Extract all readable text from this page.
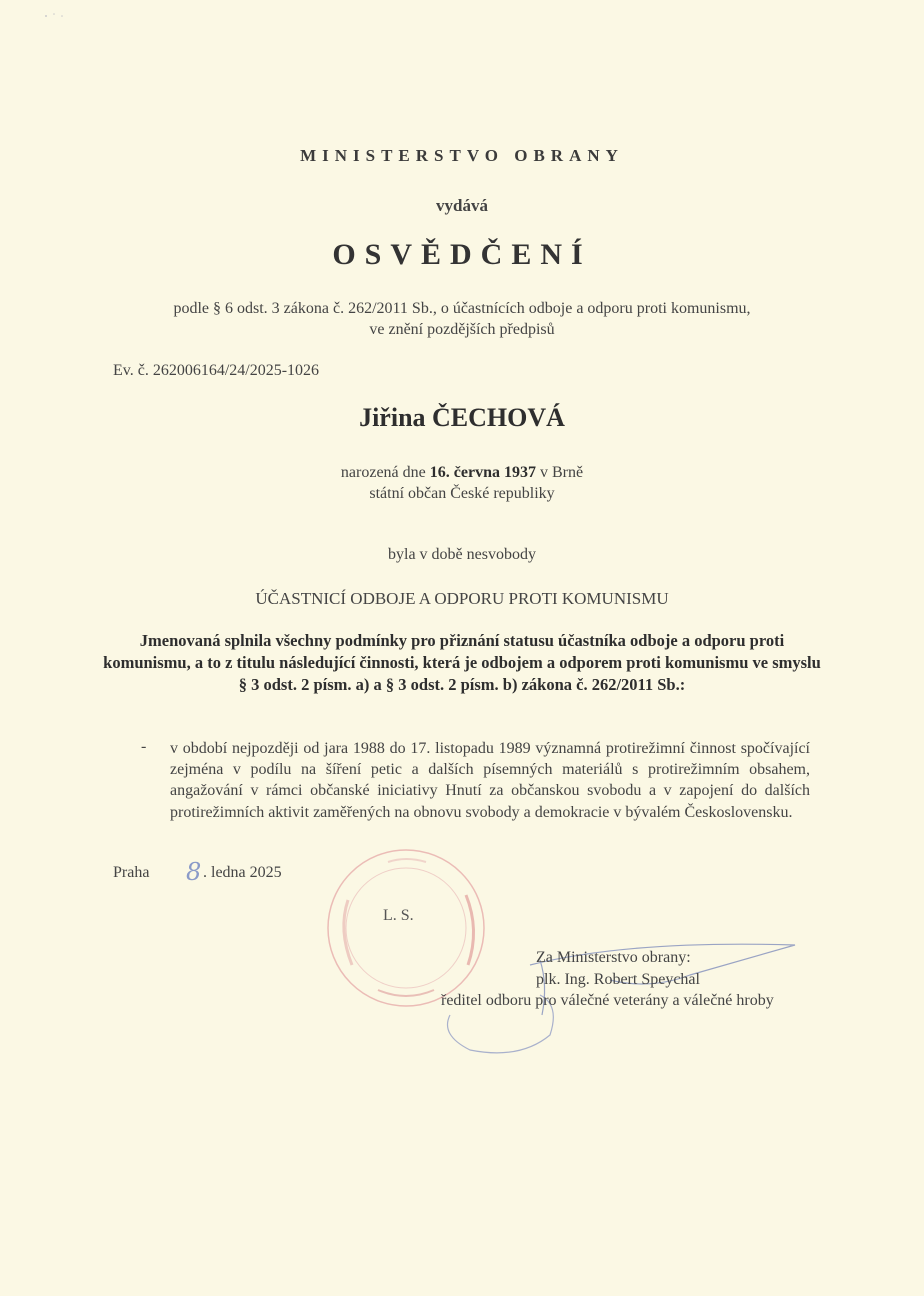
MINISTERSTVO OBRANY
vydává
OSVĚDČENÍ
podle § 6 odst. 3 zákona č. 262/2011 Sb., o účastnících odboje a odporu proti komunismu,
ve znění pozdějších předpisů
Ev. č. 262006164/24/2025-1026
Jiřina ČECHOVÁ
narozená dne 16. června 1937 v Brně
státní občan České republiky
byla v době nesvobody
ÚČASTNICÍ ODBOJE A ODPORU PROTI KOMUNISMU
Jmenovaná splnila všechny podmínky pro přiznání statusu účastníka odboje a odporu proti komunismu, a to z titulu následující činnosti, která je odbojem a odporem proti komunismu ve smyslu § 3 odst. 2 písm. a) a § 3 odst. 2 písm. b) zákona č. 262/2011 Sb.:
- v období nejpozději od jara 1988 do 17. listopadu 1989 významná protirežimní činnost spočívající zejména v podílu na šíření petic a dalších písemných materiálů s protirežimním obsahem, angažování v rámci občanské iniciativy Hnutí za občanskou svobodu a v zapojení do dalších protirežimních aktivit zaměřených na obnovu svobody a demokracie v bývalém Československu.
Praha 8 . ledna 2025
L. S.
Za Ministerstvo obrany:
plk. Ing. Robert Speychal
ředitel odboru pro válečné veterány a válečné hroby
